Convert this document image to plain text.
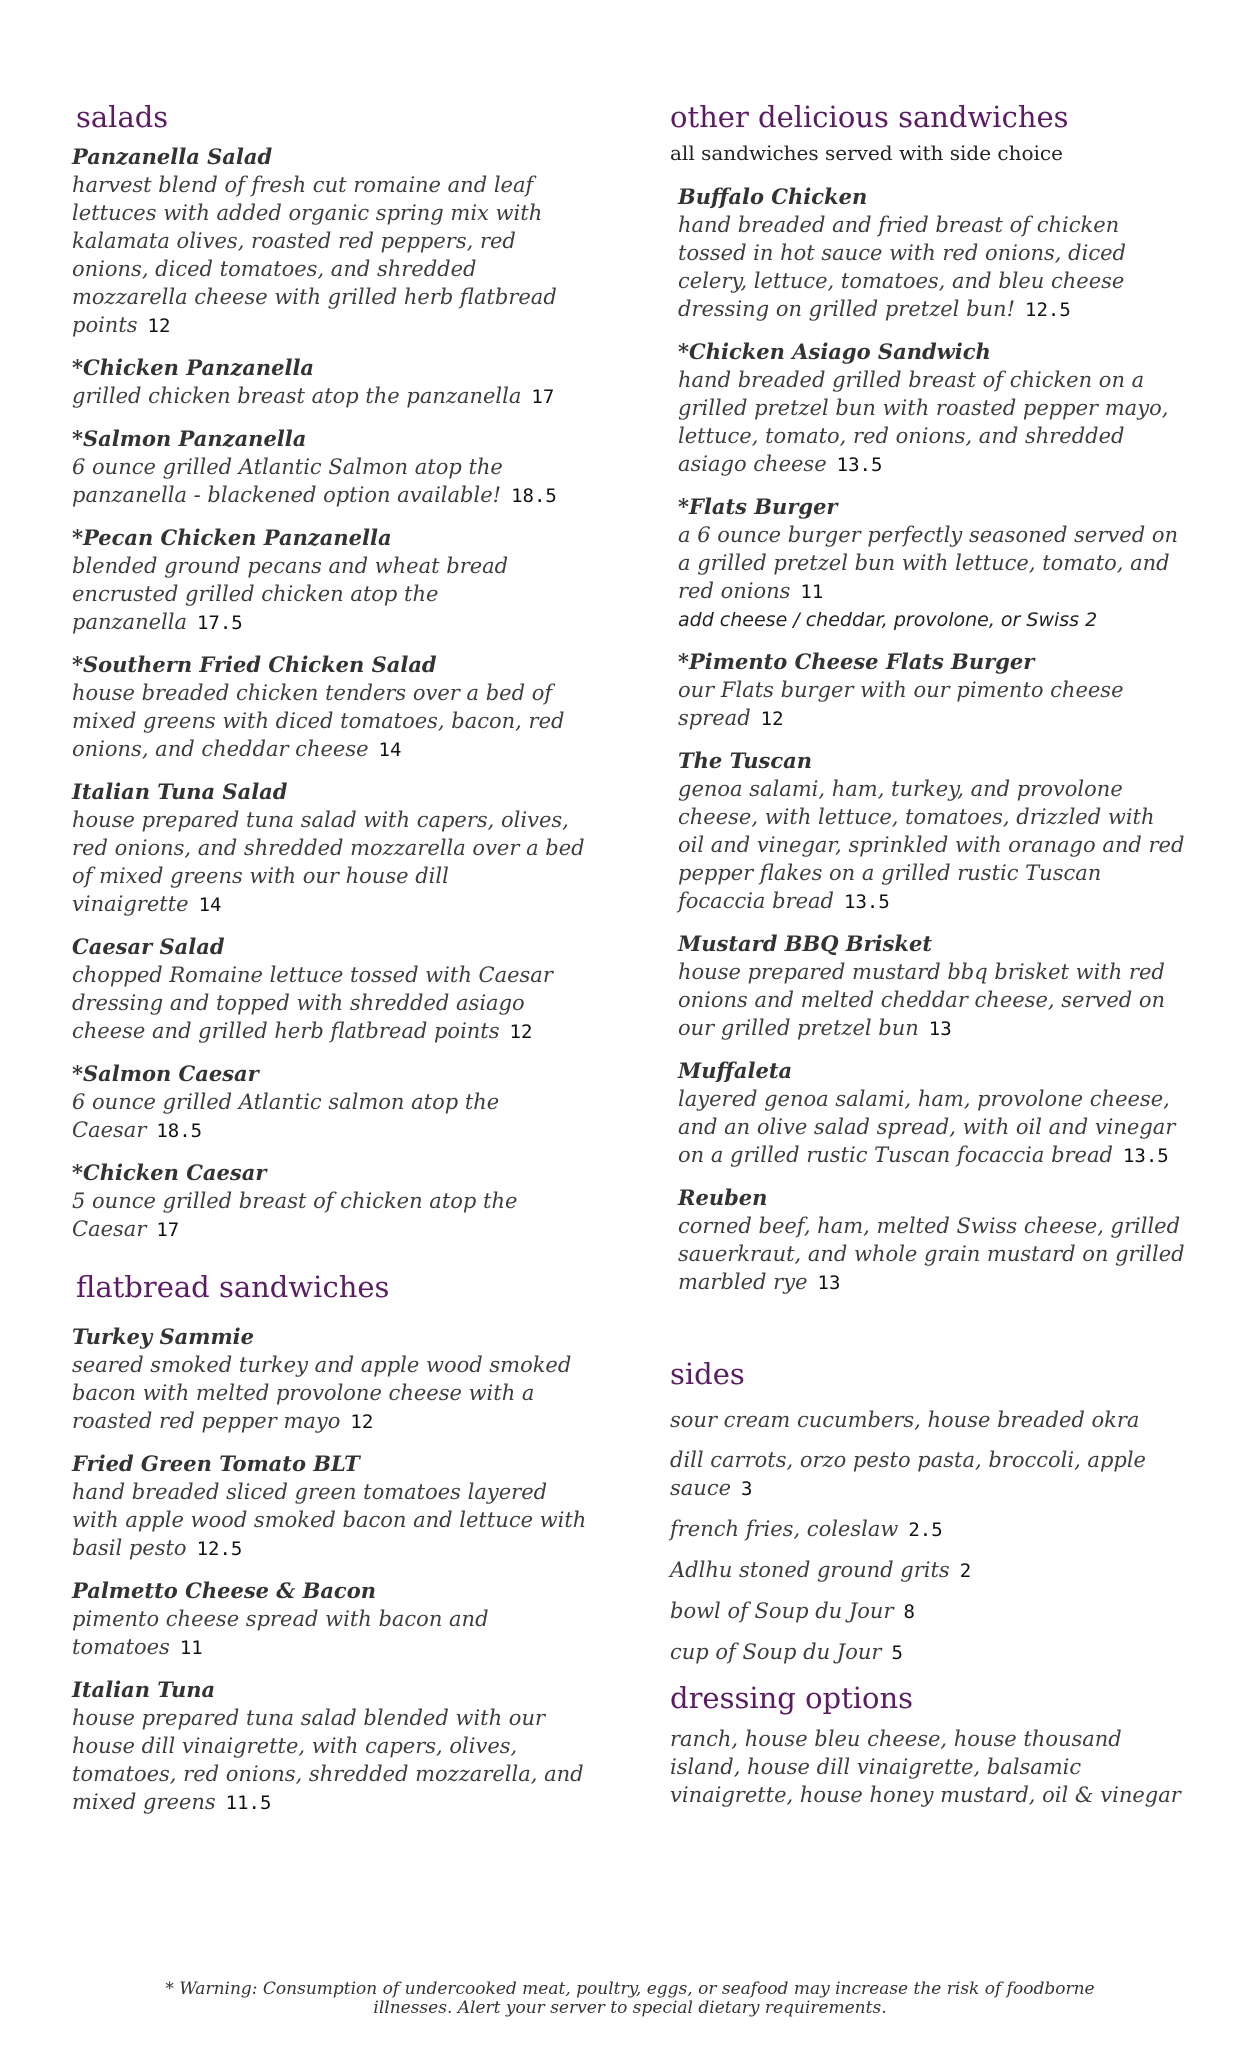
salads
Panzanella Salad
harvest blend of fresh cut romaine and leaf lettuces with added organic spring mix with kalamata olives, roasted red peppers, red onions, diced tomatoes, and shredded mozzarella cheese with grilled herb flatbread points 12
*Chicken Panzanella
grilled chicken breast atop the panzanella 17
*Salmon Panzanella
6 ounce grilled Atlantic Salmon atop the panzanella - blackened option available! 18.5
*Pecan Chicken Panzanella
blended ground pecans and wheat bread encrusted grilled chicken atop the panzanella 17.5
*Southern Fried Chicken Salad
house breaded chicken tenders over a bed of mixed greens with diced tomatoes, bacon, red onions, and cheddar cheese 14
Italian Tuna Salad
house prepared tuna salad with capers, olives, red onions, and shredded mozzarella over a bed of mixed greens with our house dill vinaigrette 14
Caesar Salad
chopped Romaine lettuce tossed with Caesar dressing and topped with shredded asiago cheese and grilled herb flatbread points 12
*Salmon Caesar
6 ounce grilled Atlantic salmon atop the Caesar 18.5
*Chicken Caesar
5 ounce grilled breast of chicken atop the Caesar 17
flatbread sandwiches
Turkey Sammie
seared smoked turkey and apple wood smoked bacon with melted provolone cheese with a roasted red pepper mayo 12
Fried Green Tomato BLT
hand breaded sliced green tomatoes layered with apple wood smoked bacon and lettuce with basil pesto 12.5
Palmetto Cheese & Bacon
pimento cheese spread with bacon and tomatoes 11
Italian Tuna
house prepared tuna salad blended with our house dill vinaigrette, with capers, olives, tomatoes, red onions, shredded mozzarella, and mixed greens 11.5
other delicious sandwiches
all sandwiches served with side choice
Buffalo Chicken
hand breaded and fried breast of chicken tossed in hot sauce with red onions, diced celery, lettuce, tomatoes, and bleu cheese dressing on grilled pretzel bun! 12.5
*Chicken Asiago Sandwich
hand breaded grilled breast of chicken on a grilled pretzel bun with roasted pepper mayo, lettuce, tomato, red onions, and shredded asiago cheese 13.5
*Flats Burger
a 6 ounce burger perfectly seasoned served on a grilled pretzel bun with lettuce, tomato, and red onions 11
add cheese / cheddar, provolone, or Swiss 2
*Pimento Cheese Flats Burger
our Flats burger with our pimento cheese spread 12
The Tuscan
genoa salami, ham, turkey, and provolone cheese, with lettuce, tomatoes, drizzled with oil and vinegar, sprinkled with oranago and red pepper flakes on a grilled rustic Tuscan focaccia bread 13.5
Mustard BBQ Brisket
house prepared mustard bbq brisket with red onions and melted cheddar cheese, served on our grilled pretzel bun 13
Muffaleta
layered genoa salami, ham, provolone cheese, and an olive salad spread, with oil and vinegar on a grilled rustic Tuscan focaccia bread 13.5
Reuben
corned beef, ham, melted Swiss cheese, grilled sauerkraut, and whole grain mustard on grilled marbled rye 13
sides
sour cream cucumbers, house breaded okra
dill carrots, orzo pesto pasta, broccoli, apple sauce 3
french fries, coleslaw 2.5
Adlhu stoned ground grits 2
bowl of Soup du Jour 8
cup of Soup du Jour 5
dressing options
ranch, house bleu cheese, house thousand island, house dill vinaigrette, balsamic vinaigrette, house honey mustard, oil & vinegar
* Warning: Consumption of undercooked meat, poultry, eggs, or seafood may increase the risk of foodborne
illnesses. Alert your server to special dietary requirements.
